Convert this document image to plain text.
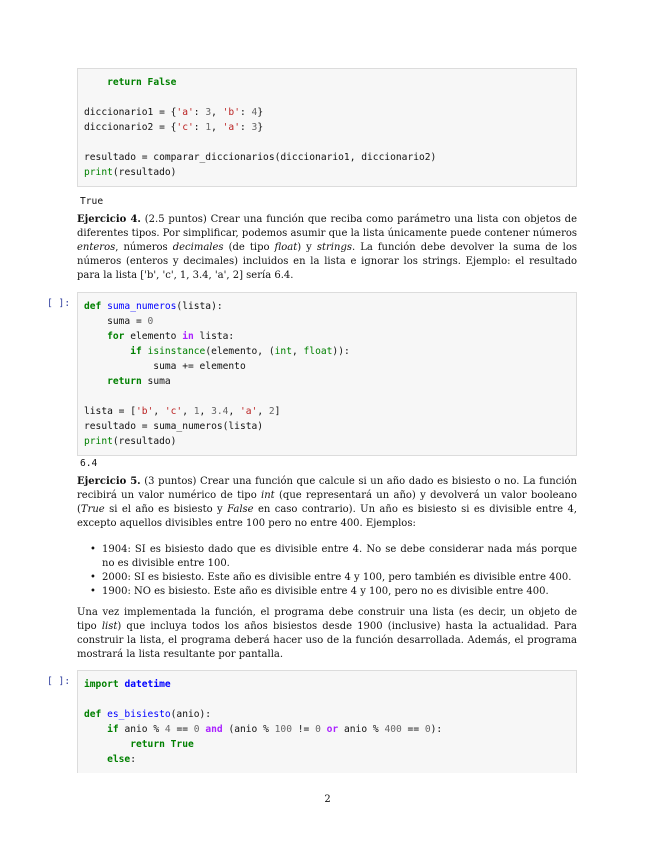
return False

diccionario1 = {'a': 3, 'b': 4}
diccionario2 = {'c': 1, 'a': 3}

resultado = comparar_diccionarios(diccionario1, diccionario2)
print(resultado)
True
Ejercicio 4. (2.5 puntos) Crear una función que reciba como parámetro una lista con objetos de diferentes tipos. Por simplificar, podemos asumir que la lista únicamente puede contener números enteros, números decimales (de tipo float) y strings. La función debe devolver la suma de los números (enteros y decimales) incluidos en la lista e ignorar los strings. Ejemplo: el resultado para la lista ['b', 'c', 1, 3.4, 'a', 2] sería 6.4.
[ ]: def suma_numeros(lista):
suma = 0
for elemento in lista:
if isinstance(elemento, (int, float)):
suma += elemento
return suma

lista = ['b', 'c', 1, 3.4, 'a', 2]
resultado = suma_numeros(lista)
print(resultado)
6.4
Ejercicio 5. (3 puntos) Crear una función que calcule si un año dado es bisiesto o no. La función recibirá un valor numérico de tipo int (que representará un año) y devolverá un valor booleano (True si el año es bisiesto y False en caso contrario). Un año es bisiesto si es divisible entre 4, excepto aquellos divisibles entre 100 pero no entre 400. Ejemplos:
• 1904: SI es bisiesto dado que es divisible entre 4. No se debe considerar nada más porque no es divisible entre 100.
• 2000: SI es bisiesto. Este año es divisible entre 4 y 100, pero también es divisible entre 400.
• 1900: NO es bisiesto. Este año es divisible entre 4 y 100, pero no es divisible entre 400.
Una vez implementada la función, el programa debe construir una lista (es decir, un objeto de tipo list) que incluya todos los años bisiestos desde 1900 (inclusive) hasta la actualidad. Para construir la lista, el programa deberá hacer uso de la función desarrollada. Además, el programa mostrará la lista resultante por pantalla.
[ ]: import datetime

def es_bisiesto(anio):
if anio % 4 == 0 and (anio % 100 != 0 or anio % 400 == 0):
return True
else:
2
